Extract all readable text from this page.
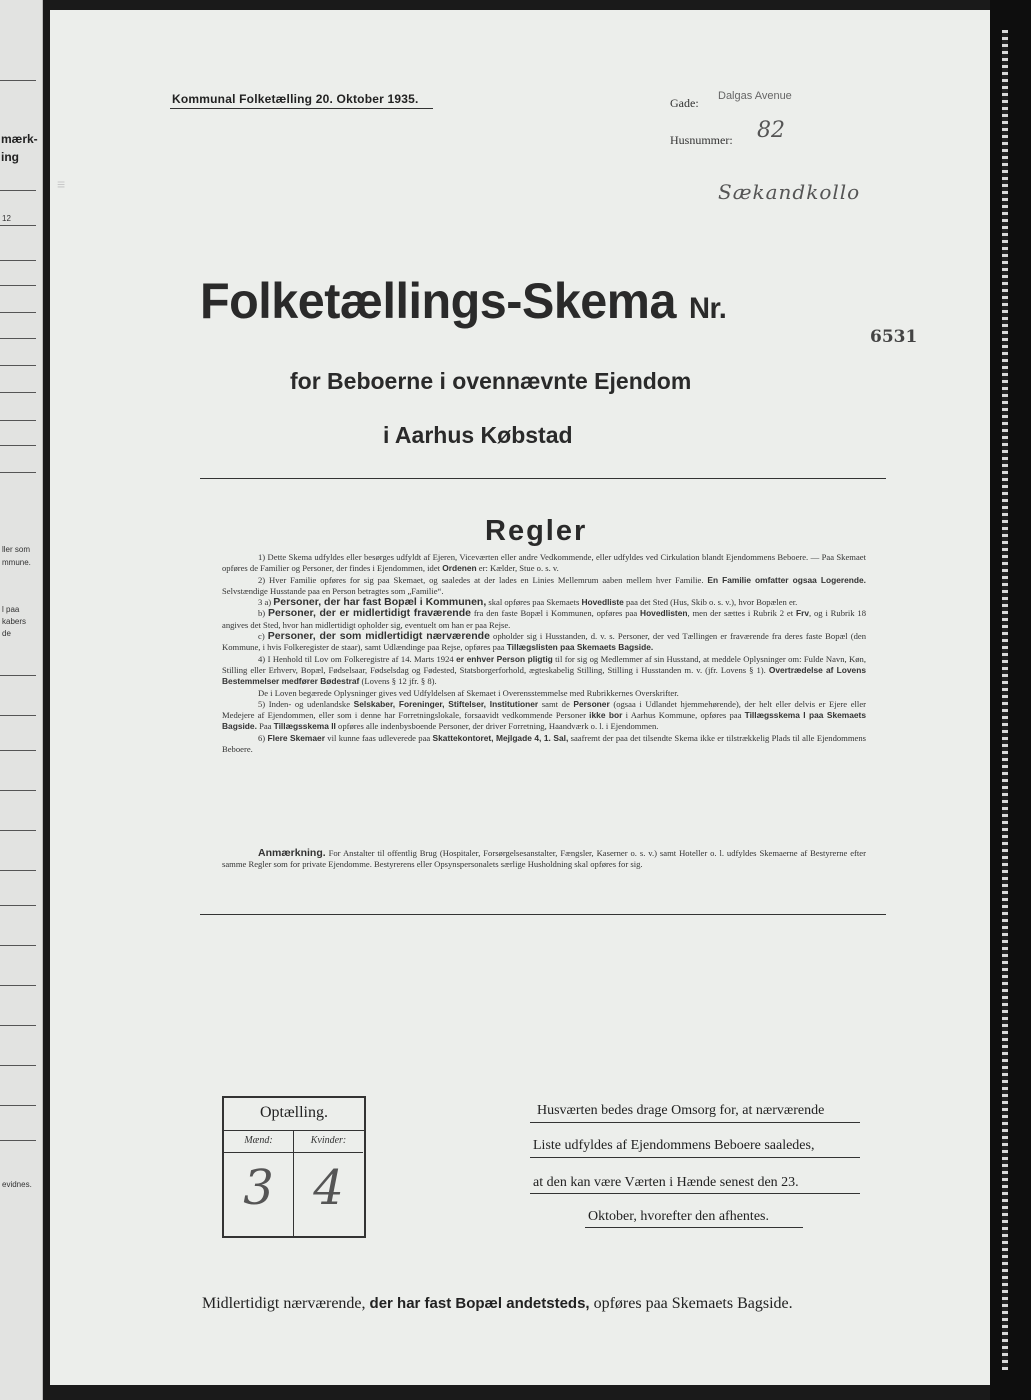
mærk-
ing
12
ller som
mmune.
l paa
kabers
de
evidnes.
≡
Kommunal Folketælling 20. Oktober 1935.	Gade: Dalgas Avenue
Husnummer: 82
Sækandkollo
Folketællings-Skema Nr.
6531
for Beboerne i ovennævnte Ejendom
i Aarhus Købstad
Regler

1) Dette Skema udfyldes eller besørges udfyldt af Ejeren, Viceværten eller andre Vedkommende, eller udfyldes ved Cirkulation blandt Ejendommens Beboere. — Paa Skemaet opføres de Familier og Personer, der findes i Ejendommen, idet Ordenen er: Kælder, Stue o. s. v.

2) Hver Familie opføres for sig paa Skemaet, og saaledes at der lades en Linies Mellemrum aaben mellem hver Familie. En Familie omfatter ogsaa Logerende. Selvstændige Husstande paa en Person betragtes som „Familie“.

3 a) Personer, der har fast Bopæl i Kommunen, skal opføres paa Skemaets Hovedliste paa det Sted (Hus, Skib o. s. v.), hvor Bopælen er.

b) Personer, der er midlertidigt fraværende fra den faste Bopæl i Kommunen, opføres paa Hovedlisten, men der sættes i Rubrik 2 et Frv, og i Rubrik 18 angives det Sted, hvor han midlertidigt opholder sig, eventuelt om han er paa Rejse.

c) Personer, der som midlertidigt nærværende opholder sig i Husstanden, d. v. s. Personer, der ved Tællingen er fraværende fra deres faste Bopæl (den Kommune, i hvis Folkeregister de staar), samt Udlændinge paa Rejse, opføres paa Tillægslisten paa Skemaets Bagside.

4) I Henhold til Lov om Folkeregistre af 14. Marts 1924 er enhver Person pligtig til for sig og Medlemmer af sin Husstand, at meddele Oplysninger om: Fulde Navn, Køn, Stilling eller Erhverv, Bopæl, Fødselsaar, Fødselsdag og Fødested, Statsborgerforhold, ægteskabelig Stilling, Stilling i Husstanden m. v. (jfr. Lovens § 1). Overtrædelse af Lovens Bestemmelser medfører Bødestraf (Lovens § 12 jfr. § 8).

De i Loven begærede Oplysninger gives ved Udfyldelsen af Skemaet i Overensstemmelse med Rubrikkernes Overskrifter.

5) Inden- og udenlandske Selskaber, Foreninger, Stiftelser, Institutioner samt de Personer (ogsaa i Udlandet hjemmehørende), der helt eller delvis er Ejere eller Medejere af Ejendommen, eller som i denne har Forretningslokale, forsaavidt vedkommende Personer ikke bor i Aarhus Kommune, opføres paa Tillægsskema I paa Skemaets Bagside. Paa Tillægsskema II opføres alle indenbysboende Personer, der driver Forretning, Haandværk o. l. i Ejendommen.

6) Flere Skemaer vil kunne faas udleverede paa Skattekontoret, Mejlgade 4, 1. Sal, saafremt der paa det tilsendte Skema ikke er tilstrækkelig Plads til alle Ejendommens Beboere.

Anmærkning. For Anstalter til offentlig Brug (Hospitaler, Forsørgelsesanstalter, Fængsler, Kaserner o. s. v.) samt Hoteller o. l. udfyldes Skemaerne af Bestyrerne efter samme Regler som for private Ejendomme. Bestyrerens eller Opsynspersonalets særlige Husholdning skal opføres for sig.

Optælling.
Mænd:
3
Kvinder:
4
Husværten bedes drage Omsorg for, at nærværende
Liste udfyldes af Ejendommens Beboere saaledes,
at den kan være Værten i Hænde senest den 23.
Oktober, hvorefter den afhentes.
Midlertidigt nærværende, der har fast Bopæl andetsteds, opføres paa Skemaets Bagside.
